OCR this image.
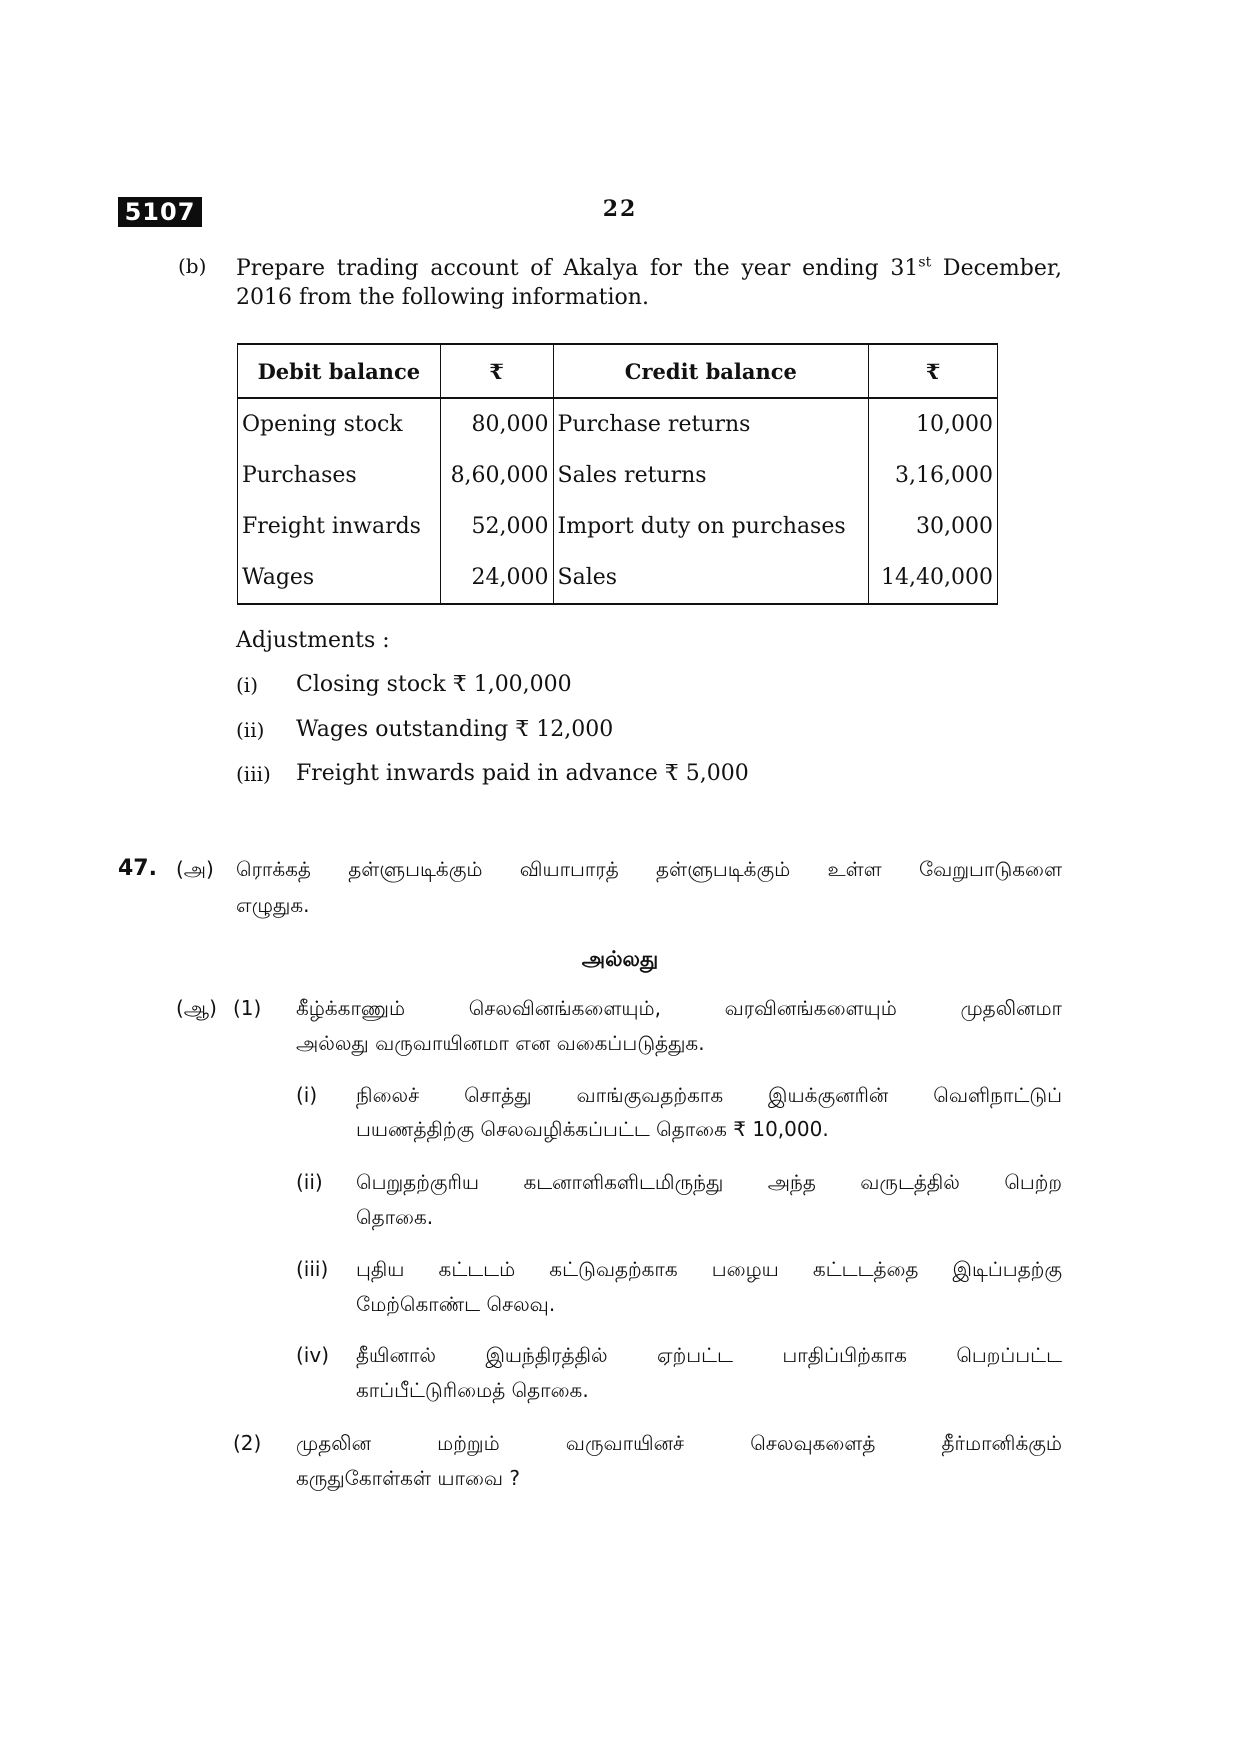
5107	22
(b) Prepare trading account of Akalya for the year ending 31st December,
2016 from the following information.
Debit balance	₹	Credit balance	₹
Opening stock	80,000	Purchase returns	10,000
Purchases	8,60,000	Sales returns	3,16,000
Freight inwards	52,000	Import duty on purchases	30,000
Wages	24,000	Sales	14,40,000
Adjustments :
(i) Closing stock ₹ 1,00,000
(ii) Wages outstanding ₹ 12,000
(iii) Freight inwards paid in advance ₹ 5,000
47. (அ) ரொக்கத் தள்ளுபடிக்கும் வியாபாரத் தள்ளுபடிக்கும் உள்ள வேறுபாடுகளை
எழுதுக.
அல்லது
(ஆ) (1) கீழ்க்காணும் செலவினங்களையும், வரவினங்களையும் முதலினமா
அல்லது வருவாயினமா என வகைப்படுத்துக.
(i) நிலைச் சொத்து வாங்குவதற்காக இயக்குனரின் வெளிநாட்டுப்
பயணத்திற்கு செலவழிக்கப்பட்ட தொகை ₹ 10,000.
(ii) பெறுதற்குரிய கடனாளிகளிடமிருந்து அந்த வருடத்தில் பெற்ற
தொகை.
(iii) புதிய கட்டடம் கட்டுவதற்காக பழைய கட்டடத்தை இடிப்பதற்கு
மேற்கொண்ட செலவு.
(iv) தீயினால் இயந்திரத்தில் ஏற்பட்ட பாதிப்பிற்காக பெறப்பட்ட
காப்பீட்டுரிமைத் தொகை.
(2) முதலின மற்றும் வருவாயினச் செலவுகளைத் தீர்மானிக்கும்
கருதுகோள்கள் யாவை ?
